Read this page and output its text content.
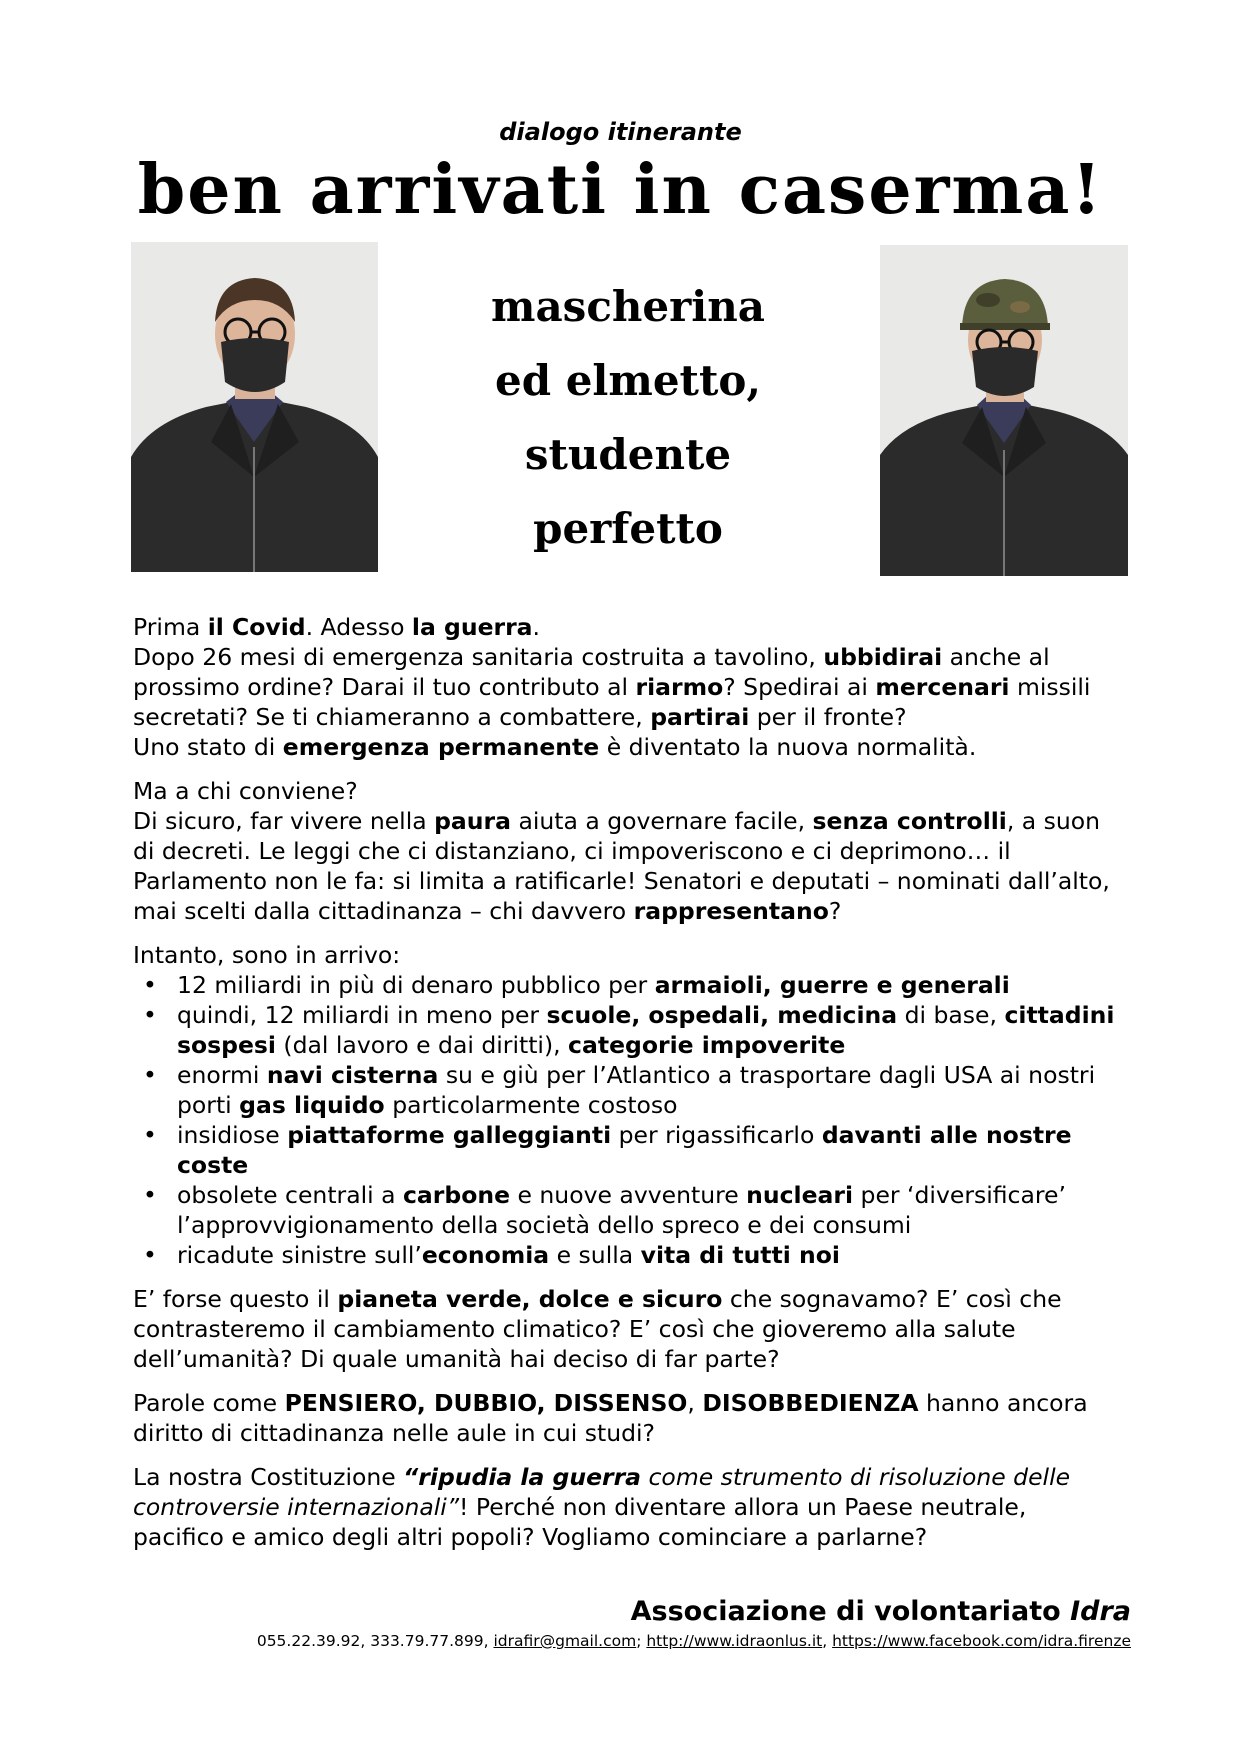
dialogo itinerante
ben arrivati in caserma!
mascherina
ed elmetto,
studente
perfetto

Prima il Covid. Adesso la guerra.
Dopo 26 mesi di emergenza sanitaria costruita a tavolino, ubbidirai anche al prossimo ordine? Darai il tuo contributo al riarmo? Spedirai ai mercenari missili secretati? Se ti chiameranno a combattere, partirai per il fronte?
Uno stato di emergenza permanente è diventato la nuova normalità.

Ma a chi conviene?
Di sicuro, far vivere nella paura aiuta a governare facile, senza controlli, a suon di decreti. Le leggi che ci distanziano, ci impoveriscono e ci deprimono… il Parlamento non le fa: si limita a ratificarle! Senatori e deputati – nominati dall’alto, mai scelti dalla cittadinanza – chi davvero rappresentano?

Intanto, sono in arrivo:
• 12 miliardi in più di denaro pubblico per armaioli, guerre e generali
• quindi, 12 miliardi in meno per scuole, ospedali, medicina di base, cittadini sospesi (dal lavoro e dai diritti), categorie impoverite
• enormi navi cisterna su e giù per l’Atlantico a trasportare dagli USA ai nostri porti gas liquido particolarmente costoso
• insidiose piattaforme galleggianti per rigassificarlo davanti alle nostre coste
• obsolete centrali a carbone e nuove avventure nucleari per ‘diversificare’ l’approvvigionamento della società dello spreco e dei consumi
• ricadute sinistre sull’economia e sulla vita di tutti noi

E’ forse questo il pianeta verde, dolce e sicuro che sognavamo? E’ così che contrasteremo il cambiamento climatico? E’ così che gioveremo alla salute dell’umanità? Di quale umanità hai deciso di far parte?

Parole come PENSIERO, DUBBIO, DISSENSO, DISOBBEDIENZA hanno ancora diritto di cittadinanza nelle aule in cui studi?

La nostra Costituzione “ripudia la guerra come strumento di risoluzione delle controversie internazionali”! Perché non diventare allora un Paese neutrale, pacifico e amico degli altri popoli? Vogliamo cominciare a parlarne?

Associazione di volontariato Idra
055.22.39.92, 333.79.77.899, idrafir@gmail.com; http://www.idraonlus.it, https://www.facebook.com/idra.firenze
